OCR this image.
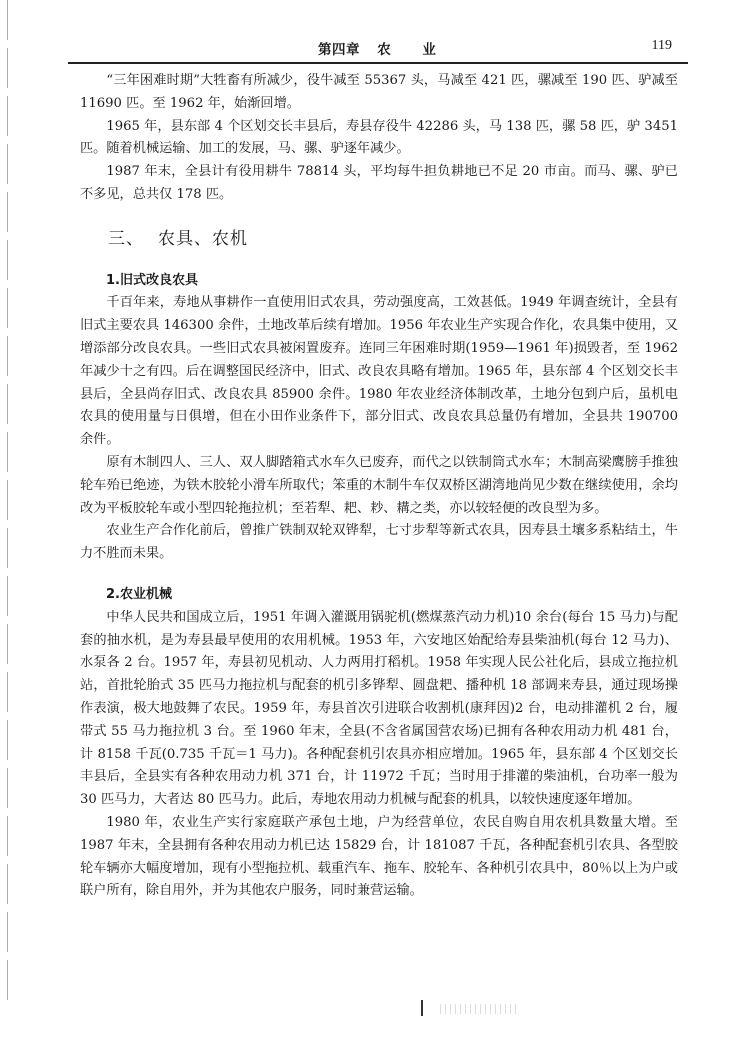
第四章 农 业	119

“三年困难时期”大牲畜有所减少，役牛减至 55367 头，马减至 421 匹，骡减至 190 匹、驴减至 11690 匹。至 1962 年，始渐回增。

1965 年，县东部 4 个区划交长丰县后，寿县存役牛 42286 头，马 138 匹，骡 58 匹，驴 3451 匹。随着机械运输、加工的发展，马、骡、驴逐年减少。

1987 年末，全县计有役用耕牛 78814 头，平均每牛担负耕地已不足 20 市亩。而马、骡、驴已不多见，总共仅 178 匹。

三、 农具、农机
1.旧式改良农具

千百年来，寿地从事耕作一直使用旧式农具，劳动强度高，工效甚低。1949 年调查统计，全县有旧式主要农具 146300 余件，土地改革后续有增加。1956 年农业生产实现合作化，农具集中使用，又增添部分改良农具。一些旧式农具被闲置废弃。连同三年困难时期(1959—1961 年)损毁者，至 1962 年减少十之有四。后在调整国民经济中，旧式、改良农具略有增加。1965 年，县东部 4 个区划交长丰县后，全县尚存旧式、改良农具 85900 余件。1980 年农业经济体制改革，土地分包到户后，虽机电农具的使用量与日俱增，但在小田作业条件下，部分旧式、改良农具总量仍有增加，全县共 190700 余件。

原有木制四人、三人、双人脚踏箱式水车久已废弃，而代之以铁制筒式水车；木制高梁鹰膀手推独轮车殆已绝迹，为铁木胶轮小滑车所取代；笨重的木制牛车仅双桥区湖湾地尚见少数在继续使用，余均改为平板胶轮车或小型四轮拖拉机；至若犁、耙、耖、耩之类，亦以较轻便的改良型为多。

农业生产合作化前后，曾推广铁制双轮双铧犁，七寸步犁等新式农具，因寿县土壤多系粘结土，牛力不胜而未果。

2.农业机械

中华人民共和国成立后，1951 年调入灌溉用锅驼机(燃煤蒸汽动力机)10 余台(每台 15 马力)与配套的抽水机，是为寿县最早使用的农用机械。1953 年，六安地区始配给寿县柴油机(每台 12 马力)、水泵各 2 台。1957 年，寿县初见机动、人力两用打稻机。1958 年实现人民公社化后，县成立拖拉机站，首批轮胎式 35 匹马力拖拉机与配套的机引多铧犁、圆盘耙、播种机 18 部调来寿县，通过现场操作表演，极大地鼓舞了农民。1959 年，寿县首次引进联合收割机(康拜因)2 台，电动排灌机 2 台，履带式 55 马力拖拉机 3 台。至 1960 年末，全县(不含省属国营农场)已拥有各种农用动力机 481 台，计 8158 千瓦(0.735 千瓦＝1 马力)。各种配套机引农具亦相应增加。1965 年，县东部 4 个区划交长丰县后，全县实有各种农用动力机 371 台，计 11972 千瓦；当时用于排灌的柴油机，台功率一般为 30 匹马力，大者达 80 匹马力。此后，寿地农用动力机械与配套的机具，以较快速度逐年增加。

1980 年，农业生产实行家庭联产承包土地，户为经营单位，农民自购自用农机具数量大增。至 1987 年末，全县拥有各种农用动力机已达 15829 台，计 181087 千瓦，各种配套机引农具、各型胶轮车辆亦大幅度增加，现有小型拖拉机、载重汽车、拖车、胶轮车、各种机引农具中，80％以上为户或联户所有，除自用外，并为其他农户服务，同时兼营运输。
